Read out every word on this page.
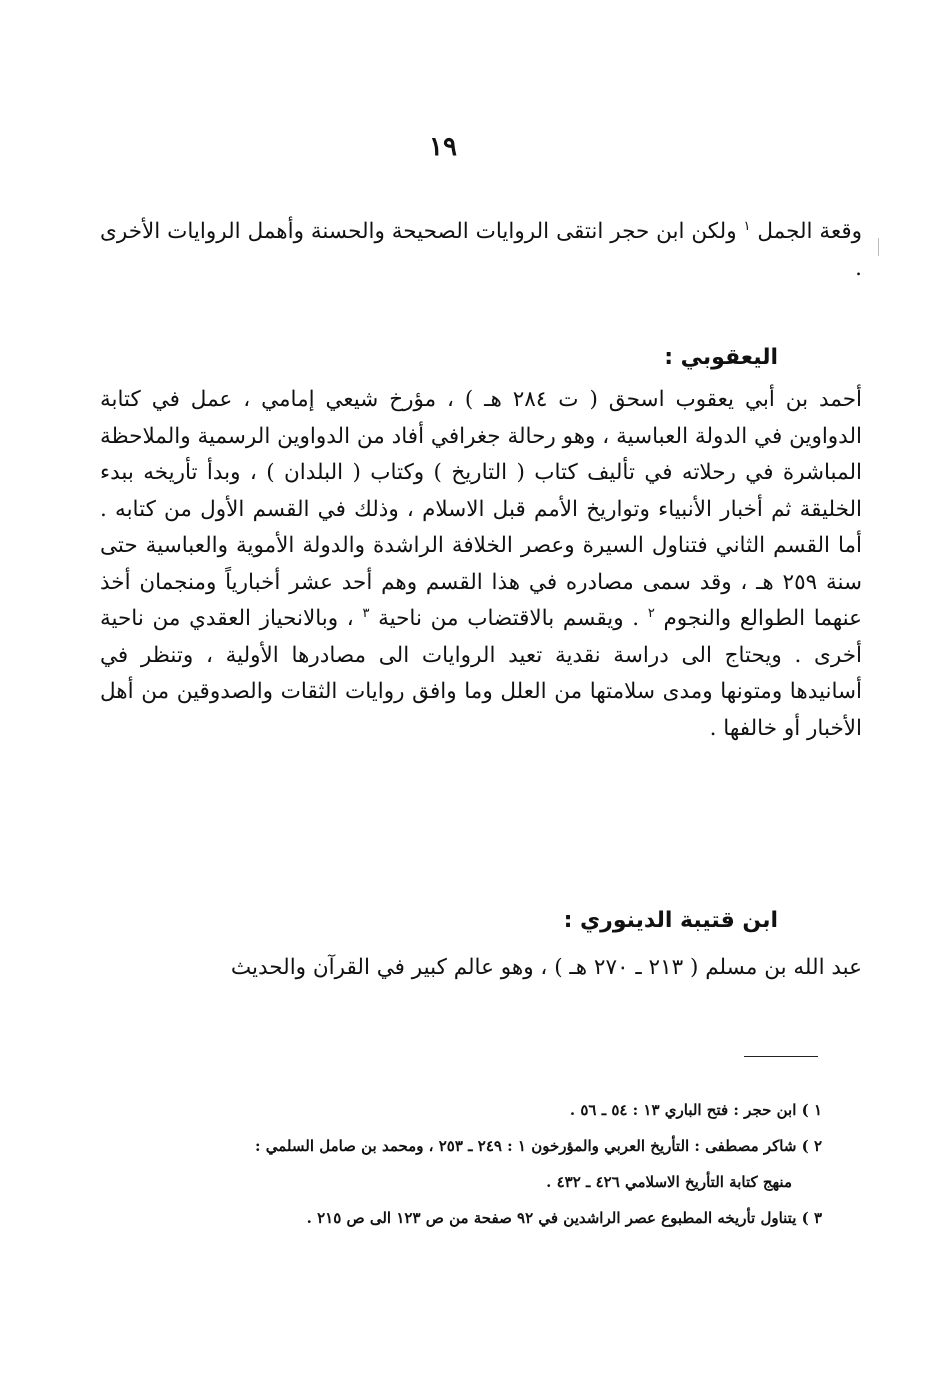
١٩

وقعة الجمل $^١$ ولكن ابن حجر انتقى الروايات الصحيحة والحسنة وأهمل الروايات الأخرى .

اليعقوبي :

أحمد بن أبي يعقوب اسحق ( ت ٢٨٤ هـ ) ، مؤرخ شيعي إمامي ، عمل في كتابة الدواوين في الدولة العباسية ، وهو رحالة جغرافي أفاد من الدواوين الرسمية والملاحظة المباشرة في رحلاته في تأليف كتاب ( التاريخ ) وكتاب ( البلدان ) ، وبدأ تأريخه ببدء الخليقة ثم أخبار الأنبياء وتواريخ الأمم قبل الاسلام ، وذلك في القسم الأول من كتابه . أما القسم الثاني فتناول السيرة وعصر الخلافة الراشدة والدولة الأموية والعباسية حتى سنة ٢٥٩ هـ ، وقد سمى مصادره في هذا القسم وهم أحد عشر أخبارياً ومنجمان أخذ عنهما الطوالع والنجوم $^٢$ . ويقسم بالاقتضاب من ناحية $^٣$ ، وبالانحياز العقدي من ناحية أخرى . ويحتاج الى دراسة نقدية تعيد الروايات الى مصادرها الأولية ، وتنظر في أسانيدها ومتونها ومدى سلامتها من العلل وما وافق روايات الثقات والصدوقين من أهل الأخبار أو خالفها .

ابن قتيبة الدينوري :

عبد الله بن مسلم ( ٢١٣ ـ ٢٧٠ هـ ) ، وهو عالم كبير في القرآن والحديث

١ ) ابن حجر : فتح الباري ١٣ : ٥٤ ـ ٥٦ .

٢ ) شاكر مصطفى : التأريخ العربي والمؤرخون ١ : ٢٤٩ ـ ٢٥٣ ، ومحمد بن صامل السلمي :

منهج كتابة التأريخ الاسلامي ٤٢٦ ـ ٤٣٢ .

٣ ) يتناول تأريخه المطبوع عصر الراشدين في ٩٢ صفحة من ص ١٢٣ الى ص ٢١٥ .
